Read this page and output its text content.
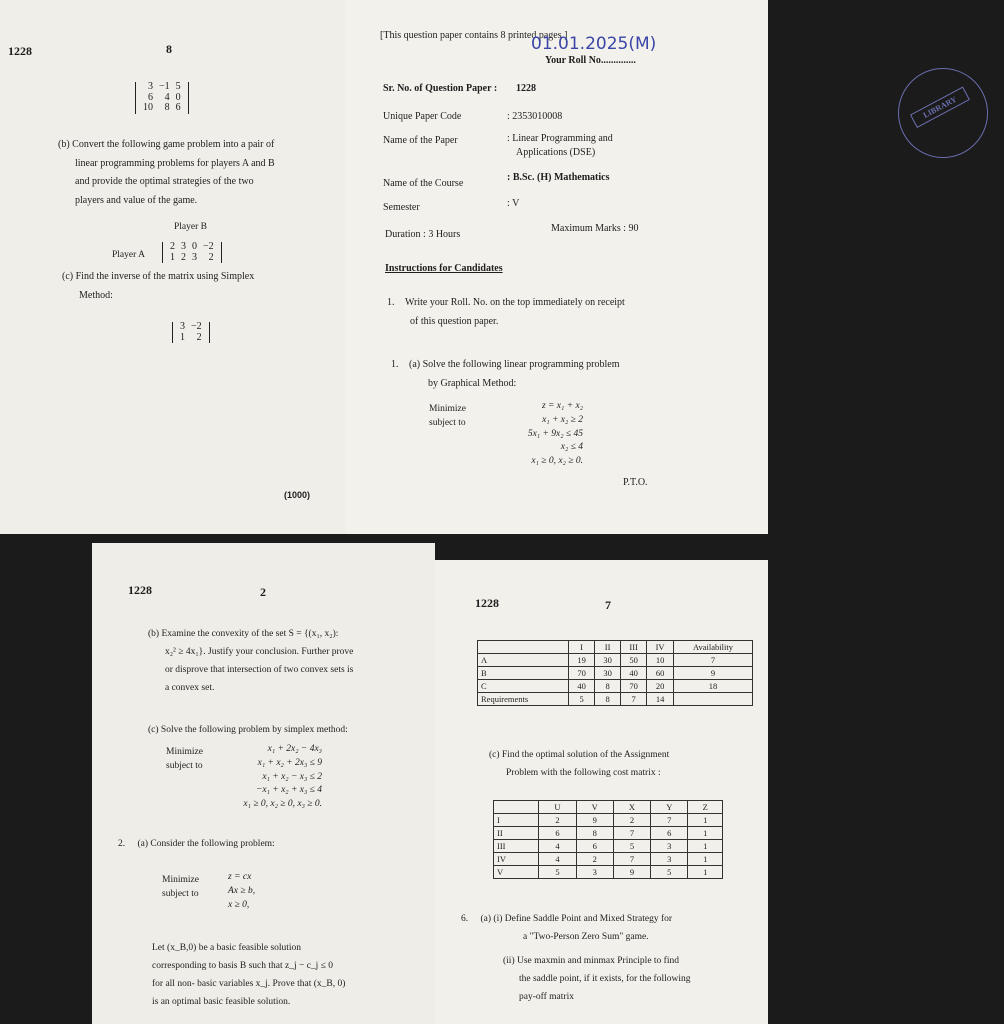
1228	8
3	−1	5
6	4	0
10	8	6
(b) Convert the following game problem into a pair of
linear programming problems for players A and B
and provide the optimal strategies of the two
players and value of the game.
Player B
Player A
2	3	0	−2
1	2	3	2
(c) Find the inverse of the matrix using Simplex
Method:
3	−2
1	2
(1000)
[This question paper contains 8 printed pages.]
01.01.2025(M)
Your Roll No..............
Sr. No. of Question Paper : 1228
Unique Paper Code	: 2353010008
Name of the Paper	: Linear Programming and
Applications (DSE)
Name of the Course
: B.Sc. (H) Mathematics
Semester	: V
LIBRARY
Duration : 3 Hours
Maximum Marks : 90
Instructions for Candidates
1. Write your Roll. No. on the top immediately on receipt
of this question paper.
1. (a) Solve the following linear programming problem
by Graphical Method:
Minimize
subject to
z = x₁ + x₂
x₁ + x₂ ≥ 2
5x₁ + 9x₂ ≤ 45
x₂ ≤ 4
x₁ ≥ 0, x₂ ≥ 0.
P.T.O.
1228	2
(b) Examine the convexity of the set S = {(x₁, x₂):
x₂² ≥ 4x₁}. Justify your conclusion. Further prove
or disprove that intersection of two convex sets is
a convex set.
(c) Solve the following problem by simplex method:
Minimize
subject to
x₁ + 2x₂ − 4x₃
x₁ + x₂ + 2x₃ ≤ 9
x₁ + x₂ − x₃ ≤ 2
−x₁ + x₂ + x₃ ≤ 4
x₁ ≥ 0, x₂ ≥ 0, x₃ ≥ 0.
2. (a) Consider the following problem:
Minimize
subject to
z = cx
Ax ≥ b,
x ≥ 0,
Let (x_B,0) be a basic feasible solution
corresponding to basis B such that z_j − c_j ≤ 0
for all non- basic variables x_j. Prove that (x_B, 0)
is an optimal basic feasible solution.
1228	7
	I	II	III	IV	Availability
A	19	30	50	10	7
B	70	30	40	60	9
C	40	8	70	20	18
Requirements	5	8	7	14	
(c) Find the optimal solution of the Assignment
Problem with the following cost matrix :
	U	V	X	Y	Z
I	2	9	2	7	1
II	6	8	7	6	1
III	4	6	5	3	1
IV	4	2	7	3	1
V	5	3	9	5	1
6. (a) (i) Define Saddle Point and Mixed Strategy for
a "Two-Person Zero Sum" game.
(ii) Use maxmin and minmax Principle to find
the saddle point, if it exists, for the following
pay-off matrix
